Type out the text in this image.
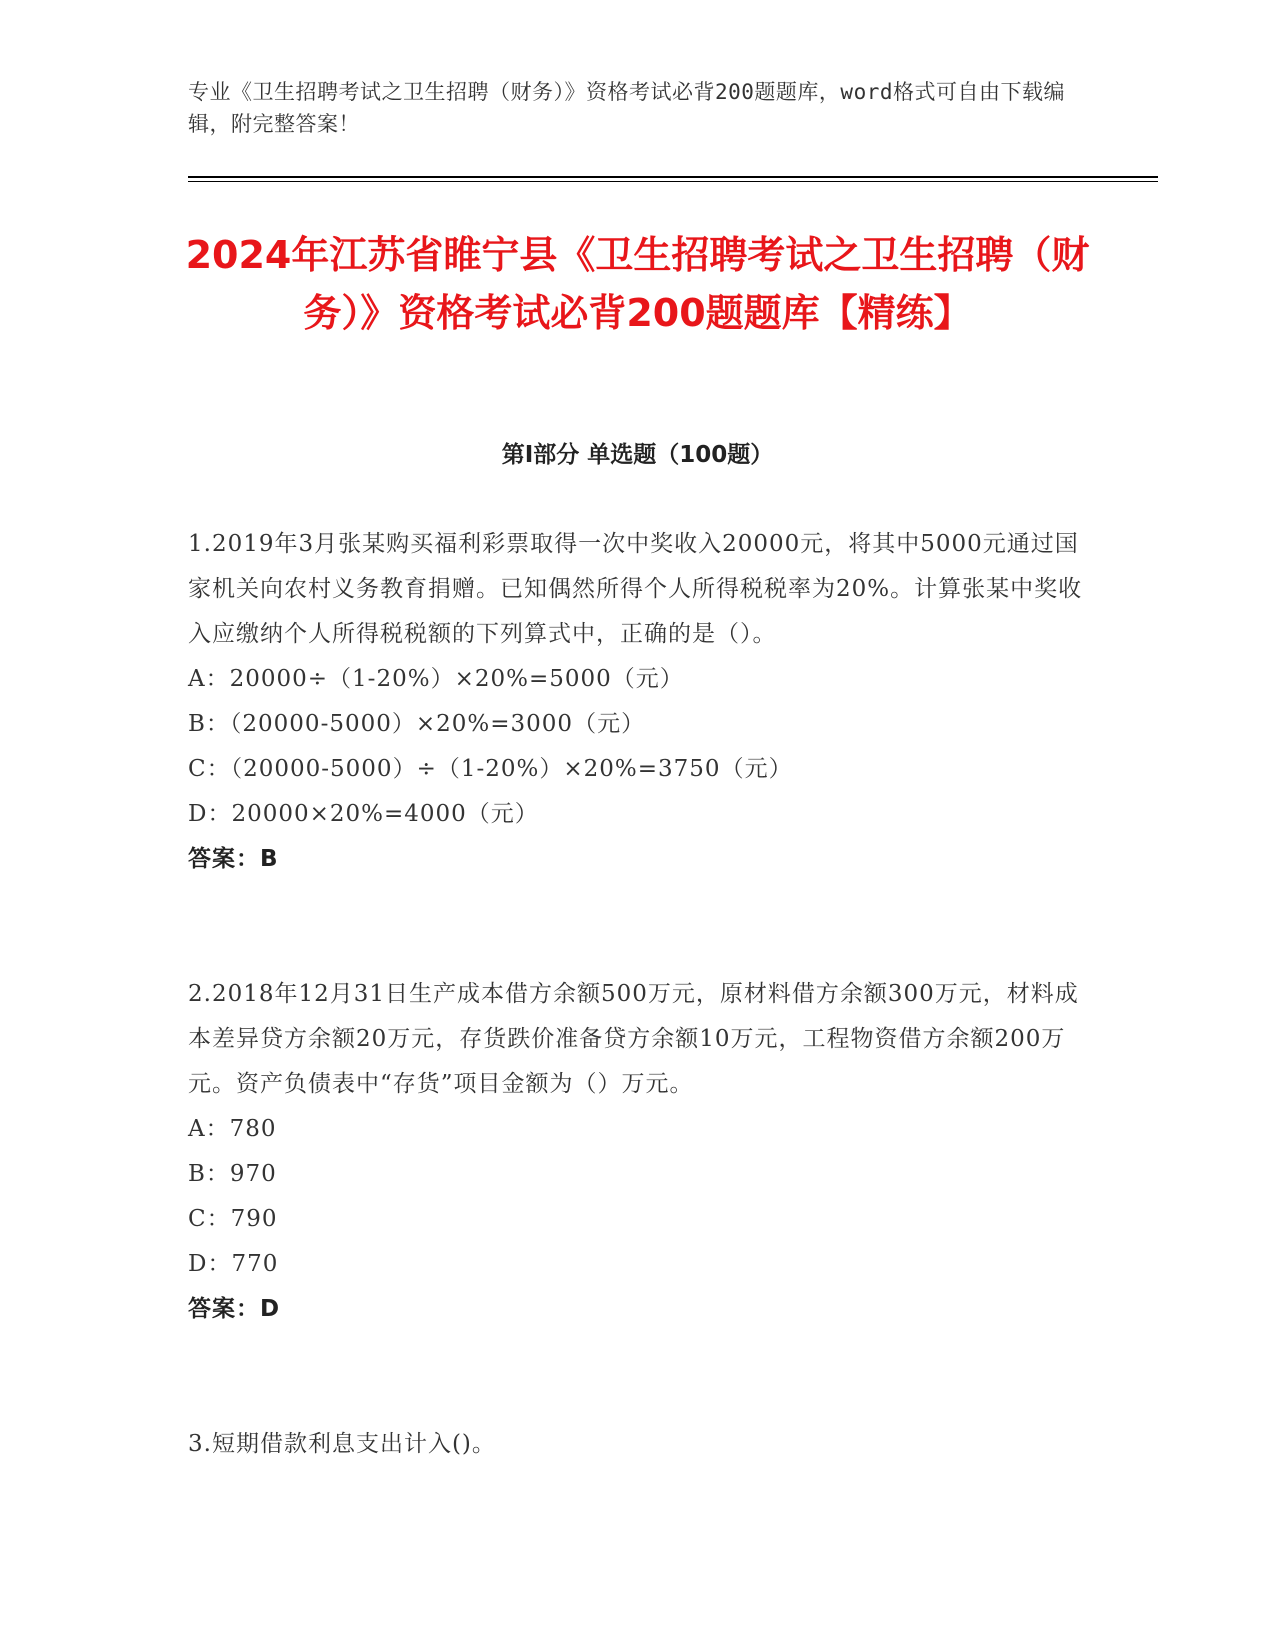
专业《卫生招聘考试之卫生招聘（财务）》资格考试必背200题题库，word格式可自由下载编辑，附完整答案！
2024年江苏省睢宁县《卫生招聘考试之卫生招聘（财务）》资格考试必背200题题库【精练】
第I部分 单选题（100题）

1.2019年3月张某购买福利彩票取得一次中奖收入20000元，将其中5000元通过国家机关向农村义务教育捐赠。已知偶然所得个人所得税税率为20%。计算张某中奖收入应缴纳个人所得税税额的下列算式中，正确的是（）。

A：20000÷（1-20%）×20%=5000（元）

B：（20000-5000）×20%=3000（元）

C：（20000-5000）÷（1-20%）×20%=3750（元）

D：20000×20%=4000（元）

答案：B

2.2018年12月31日生产成本借方余额500万元，原材料借方余额300万元，材料成本差异贷方余额20万元，存货跌价准备贷方余额10万元，工程物资借方余额200万元。资产负债表中“存货”项目金额为（）万元。

A：780

B：970

C：790

D：770

答案：D

3.短期借款利息支出计入()。
